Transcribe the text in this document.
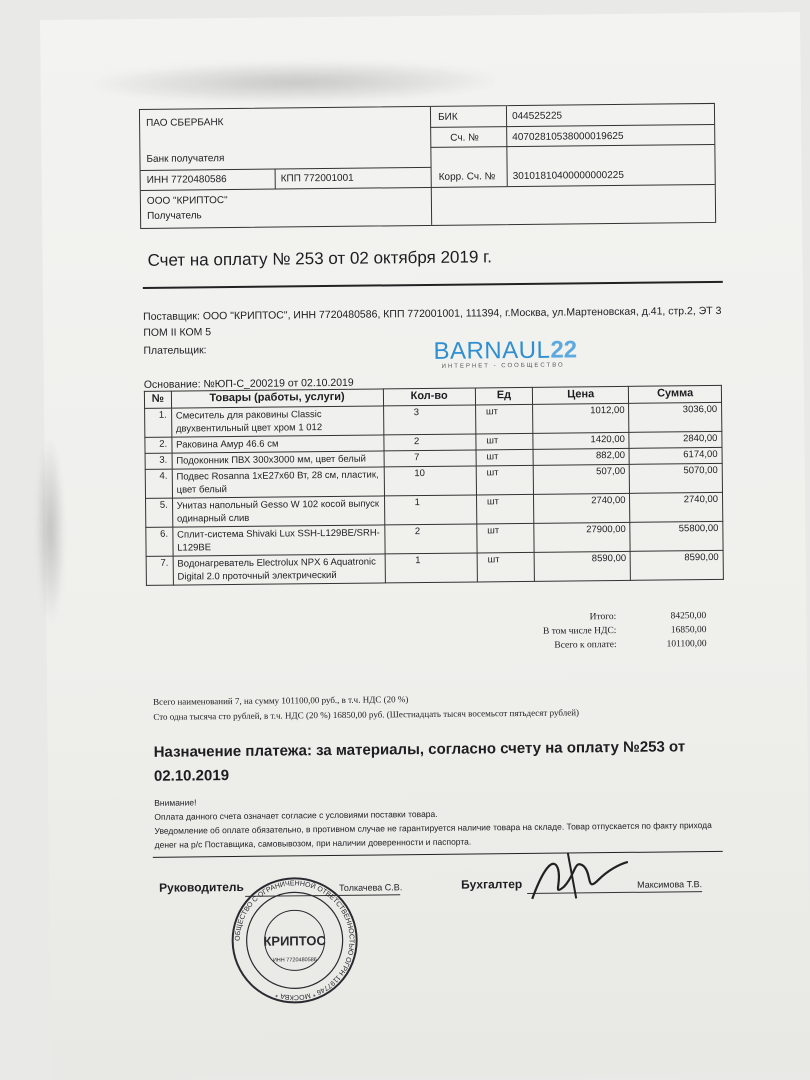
ПАО СБЕРБАНК
Банк получателя
БИК	044525225
Сч. №	40702810538000019625
ИНН 7720480586	КПП 772001001	Корр. Сч. № 30101810400000000225
ООО "КРИПТОС"
Получатель
Счет на оплату № 253 от 02 октября 2019 г.
Поставщик: ООО "КРИПТОС", ИНН 7720480586, КПП 772001001, 111394, г.Москва, ул.Мартеновская, д.41, стр.2, ЭТ 3 ПОМ II КОМ 5
Плательщик:
Основание: №ЮП-С_200219 от 02.10.2019
BARNAUL22
ИНТЕРНЕТ - СООБЩЕСТВО
№	Товары (работы, услуги)	Кол-во	Ед	Цена	Сумма
1.	Смеситель для раковины Classic двухвентильный цвет хром 1 012	3	шт	1012,00	3036,00
2.	Раковина Амур 46.6 см	2	шт	1420,00	2840,00
3.	Подоконник ПВХ 300x3000 мм, цвет белый	7	шт	882,00	6174,00
4.	Подвес Rosanna 1xE27x60 Вт, 28 см, пластик, цвет белый	10	шт	507,00	5070,00
5.	Унитаз напольный Gesso W 102 косой выпуск одинарный слив	1	шт	2740,00	2740,00
6.	Сплит-система Shivaki Lux SSH-L129BE/SRH-L129BE	2	шт	27900,00	55800,00
7.	Водонагреватель Electrolux NPX 6 Aquatronic Digital 2.0 проточный электрический	1	шт	8590,00	8590,00
Итого:	84250,00
В том числе НДС:	16850,00
Всего к оплате:	101100,00
Всего наименований 7, на сумму 101100,00 руб., в т.ч. НДС (20 %)
Сто одна тысяча сто рублей, в т.ч. НДС (20 %) 16850,00 руб. (Шестнадцать тысяч восемьсот пятьдесят рублей)
Назначение платежа: за материалы, согласно счету на оплату №253 от 02.10.2019
Внимание!
Оплата данного счета означает согласие с условиями поставки товара.
Уведомление об оплате обязательно, в противном случае не гарантируется наличие товара на складе. Товар отпускается по факту прихода денег на р/с Поставщика, самовывозом, при наличии доверенности и паспорта.
Руководитель	Толкачева С.В.	Бухгалтер	Максимова Т.В.
ОБЩЕСТВО С ОГРАНИЧЕННОЙ ОТВЕТСТВЕННОСТЬЮ ОГРН 1197746 * МОСКВА *
КРИПТОС
ИНН 7720480586
